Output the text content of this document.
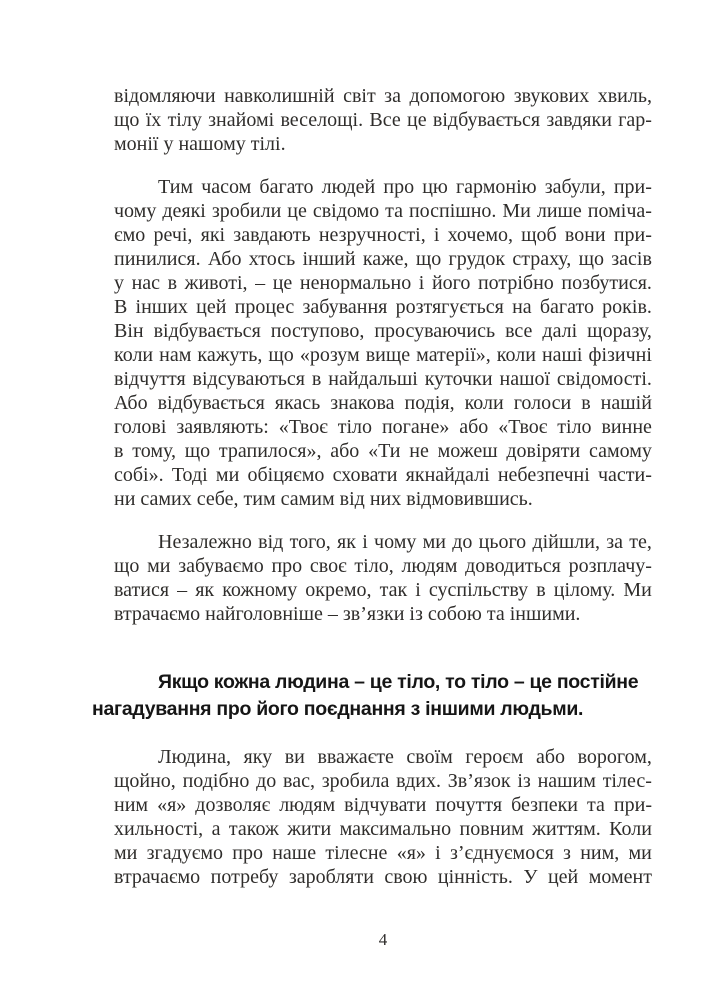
відомляючи навколишній світ за допомогою звукових хвиль,
що їх тілу знайомі веселощі. Все це відбувається завдяки гар-
монії у нашому тілі.
Тим часом багато людей про цю гармонію забули, при-
чому деякі зробили це свідомо та поспішно. Ми лише поміча-
ємо речі, які завдають незручності, і хочемо, щоб вони при-
пинилися. Або хтось інший каже, що грудок страху, що засів
у нас в животі, – це ненормально і його потрібно позбутися.
В інших цей процес забування розтягується на багато років.
Він відбувається поступово, просуваючись все далі щоразу,
коли нам кажуть, що «розум вище матерії», коли наші фізичні
відчуття відсуваються в найдальші куточки нашої свідомості.
Або відбувається якась знакова подія, коли голоси в нашій
голові заявляють: «Твоє тіло погане» або «Твоє тіло винне
в тому, що трапилося», або «Ти не можеш довіряти самому
собі». Тоді ми обіцяємо сховати якнайдалі небезпечні части-
ни самих себе, тим самим від них відмовившись.
Незалежно від того, як і чому ми до цього дійшли, за те,
що ми забуваємо про своє тіло, людям доводиться розплачу-
ватися – як кожному окремо, так і суспільству в цілому. Ми
втрачаємо найголовніше – зв’язки із собою та іншими.
Якщо кожна людина – це тіло, то тіло – це постійне
нагадування про його поєднання з іншими людьми.
Людина, яку ви вважаєте своїм героєм або ворогом,
щойно, подібно до вас, зробила вдих. Зв’язок із нашим тілес-
ним «я» дозволяє людям відчувати почуття безпеки та при-
хильності, а також жити максимально повним життям. Коли
ми згадуємо про наше тілесне «я» і з’єднуємося з ним, ми
втрачаємо потребу заробляти свою цінність. У цей момент
4
